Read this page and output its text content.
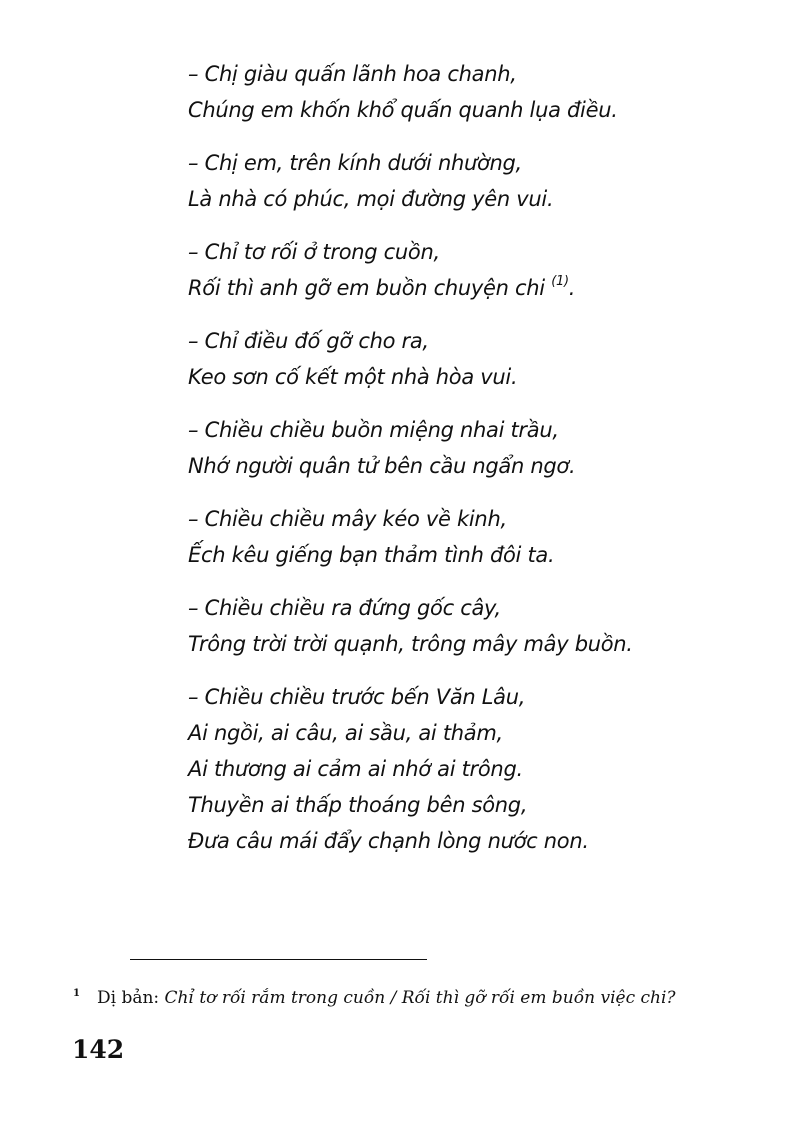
– Chị giàu quấn lãnh hoa chanh,
Chúng em khốn khổ quấn quanh lụa điều.
– Chị em, trên kính dưới nhường,
Là nhà có phúc, mọi đường yên vui.
– Chỉ tơ rối ở trong cuồn,
Rối thì anh gỡ em buồn chuyện chi $^{(1)}$.
– Chỉ điều đố gỡ cho ra,
Keo sơn cố kết một nhà hòa vui.
– Chiều chiều buồn miệng nhai trầu,
Nhớ người quân tử bên cầu ngẩn ngơ.
– Chiều chiều mây kéo về kinh,
Ếch kêu giếng bạn thảm tình đôi ta.
– Chiều chiều ra đứng gốc cây,
Trông trời trời quạnh, trông mây mây buồn.
– Chiều chiều trước bến Văn Lâu,
Ai ngồi, ai câu, ai sầu, ai thảm,
Ai thương ai cảm ai nhớ ai trông.
Thuyền ai thấp thoáng bên sông,
Đưa câu mái đẩy chạnh lòng nước non.
$^1$ Dị bản: Chỉ tơ rối rắm trong cuồn / Rối thì gỡ rối em buồn việc chi?
142
